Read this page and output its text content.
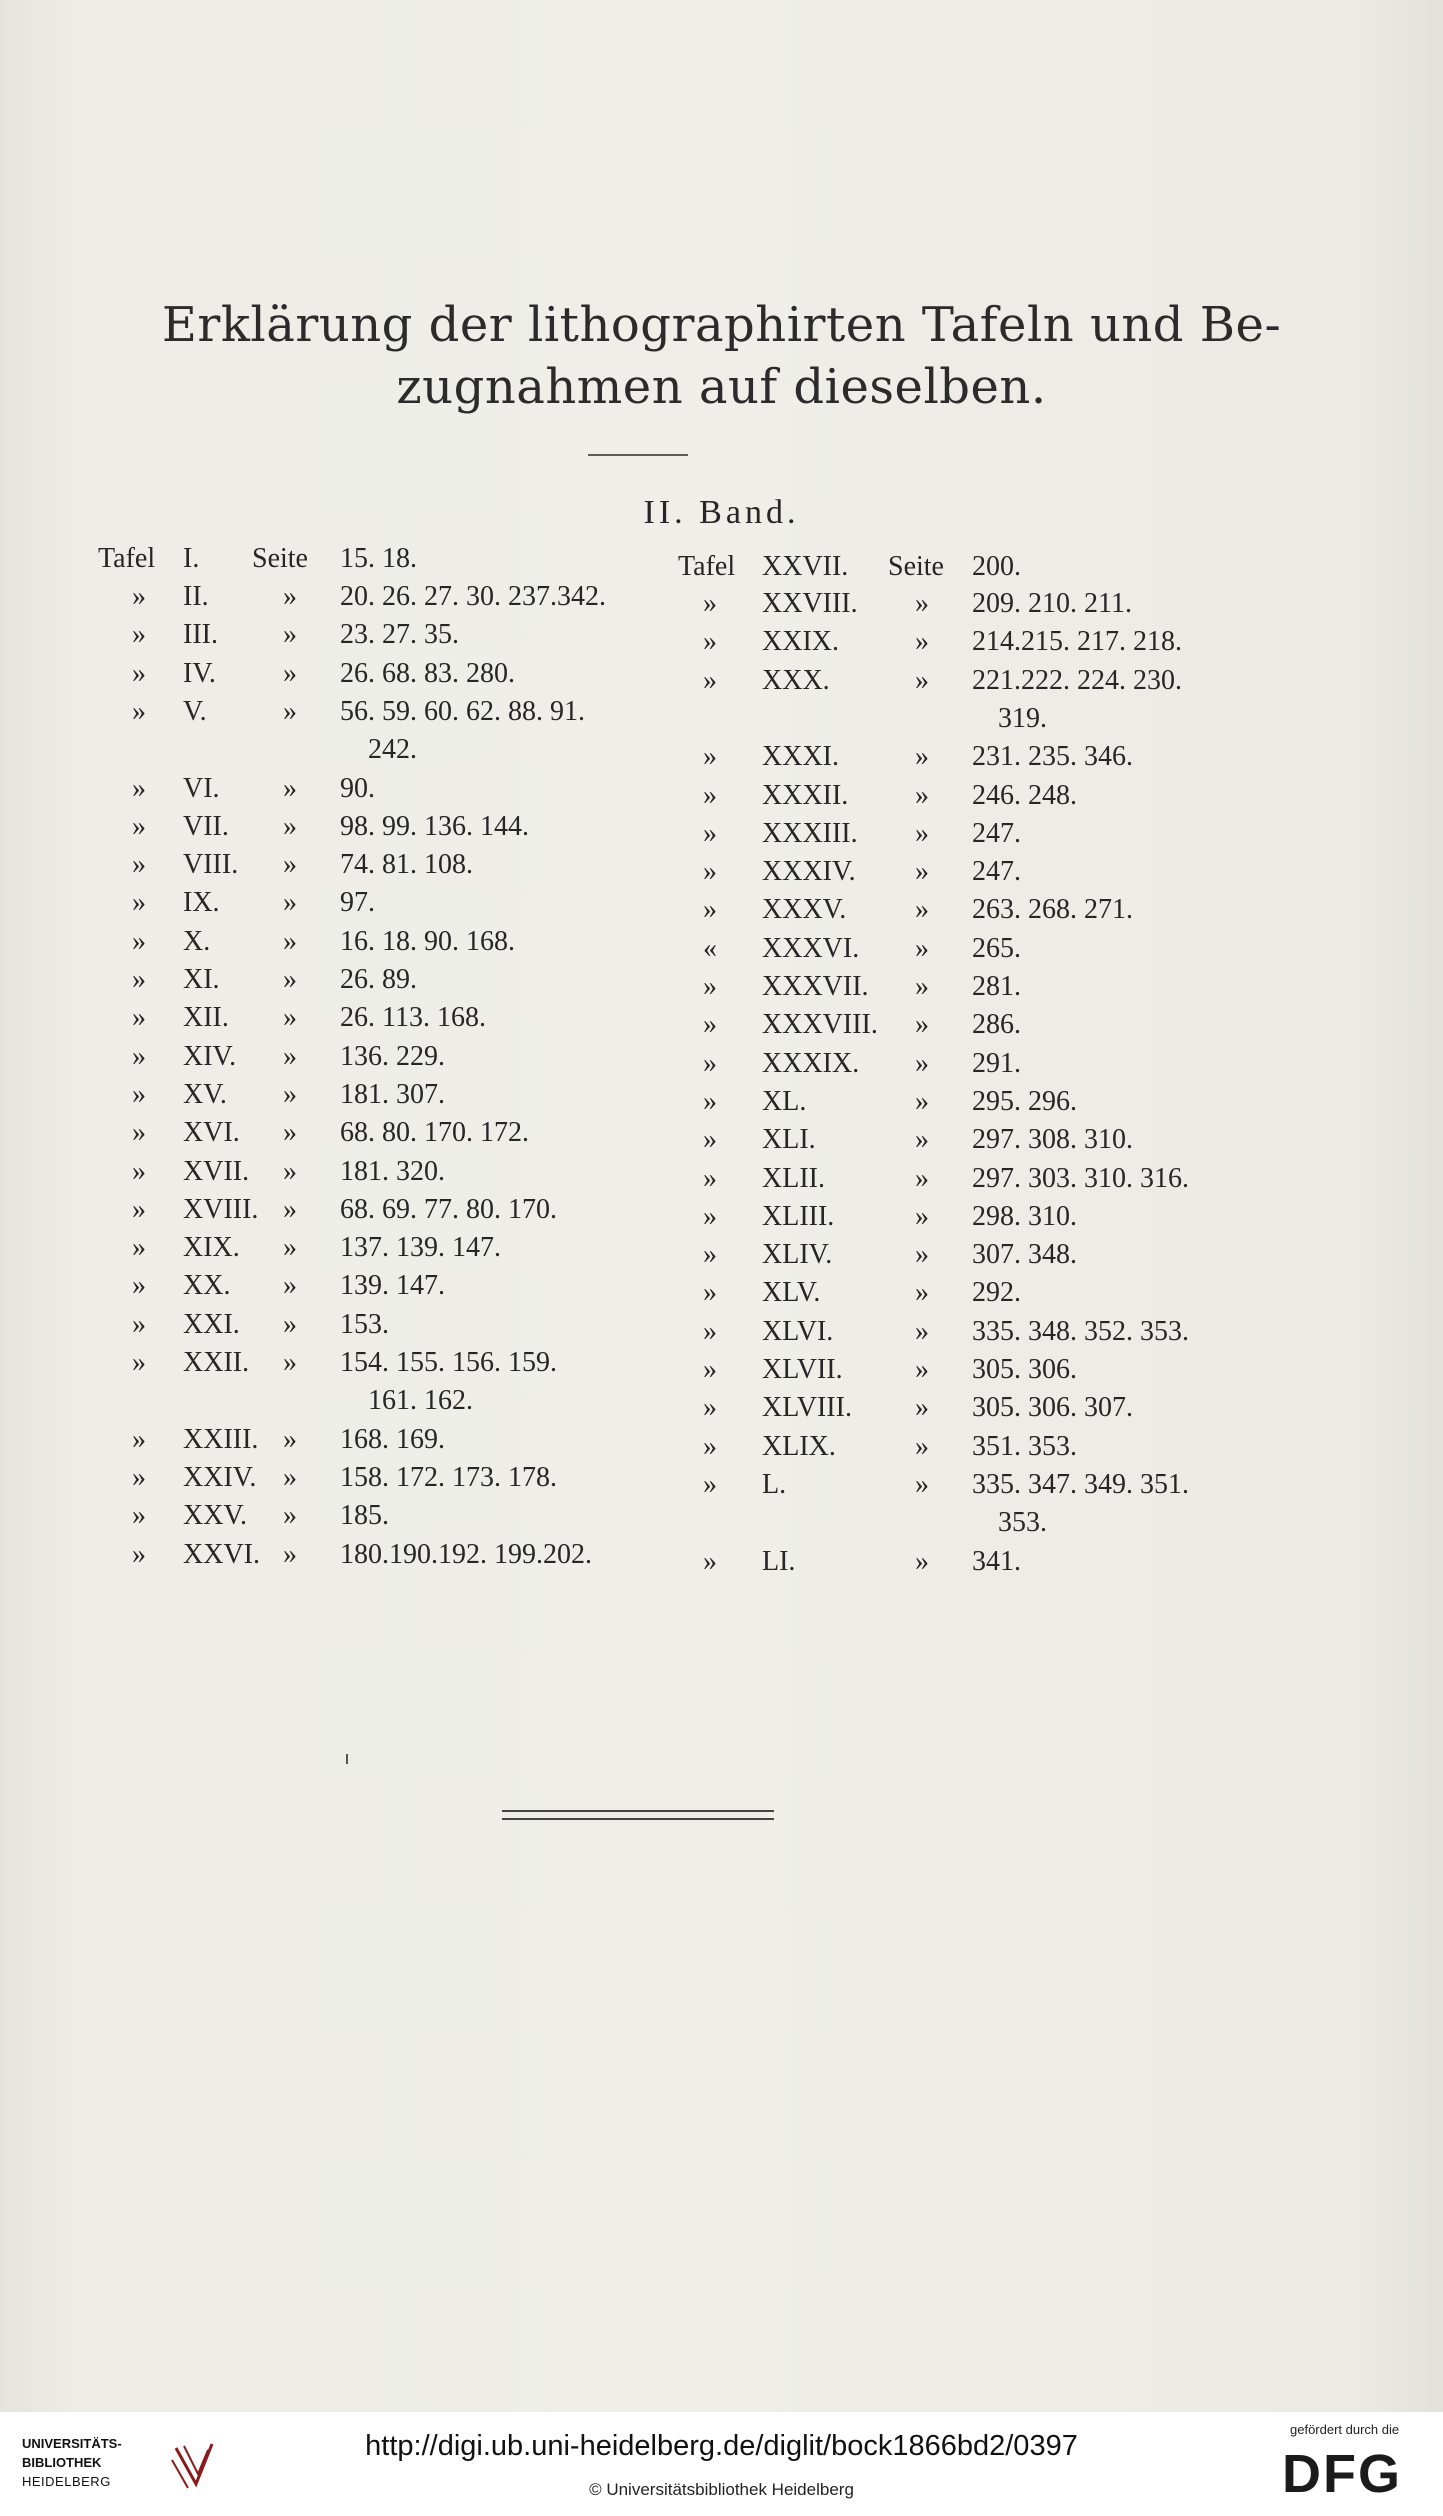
Erklärung der lithographirten Tafeln und Be-
zugnahmen auf dieselben.
II. Band.
Tafel I. Seite 15. 18.	Tafel XXVII. Seite 200.
» II.	» 20. 26. 27. 30. 237.342.
» III. » 23. 27. 35.
» IV. » 26. 68. 83. 280.
» V.	» 56. 59. 60. 62. 88. 91.
242.
» VI. » 90.
» VII. » 98. 99. 136. 144.
» VIII. » 74. 81. 108.
» IX. » 97.
» X.	» 16. 18. 90. 168.
» XI. » 26. 89.
» XII. » 26. 113. 168.
» XIV. » 136. 229.
» XV. » 181. 307.
» XVI. » 68. 80. 170. 172.
» XVII. » 181. 320.
» XVIII. » 68. 69. 77. 80. 170.
» XIX. » 137. 139. 147.
» XX. » 139. 147.
» XXI. » 153.
» XXII. » 154. 155. 156. 159.
161. 162.
» XXIII. » 168. 169.
» XXIV. » 158. 172. 173. 178.
» XXV. » 185.
» XXVI. » 180.190.192. 199.202.
» XXVIII. » 209. 210. 211.
» XXIX.	» 214.215. 217. 218.
» XXX.	» 221.222. 224. 230.
319.
» XXXI.	» 231. 235. 346.
» XXXII. » 246. 248.
» XXXIII. » 247.
» XXXIV. » 247.
» XXXV. » 263. 268. 271.
« XXXVI. » 265.
» XXXVII. » 281.
» XXXVIII. » 286.
» XXXIX. » 291.
» XL.	» 295. 296.
» XLI.	» 297. 308. 310.
» XLII.	» 297. 303. 310. 316.
» XLIII.	» 298. 310.
» XLIV.	» 307. 348.
» XLV.	» 292.
» XLVI.	» 335. 348. 352. 353.
» XLVII.	» 305. 306.
» XLVIII. » 305. 306. 307.
» XLIX.	» 351. 353.
» L.	» 335. 347. 349. 351.
353.
» LI.	» 341.
UNIVERSITÄTS-
BIBLIOTHEK
HEIDELBERG
http://digi.ub.uni-heidelberg.de/diglit/bock1866bd2/0397
© Universitätsbibliothek Heidelberg
gefördert durch die
DFG
